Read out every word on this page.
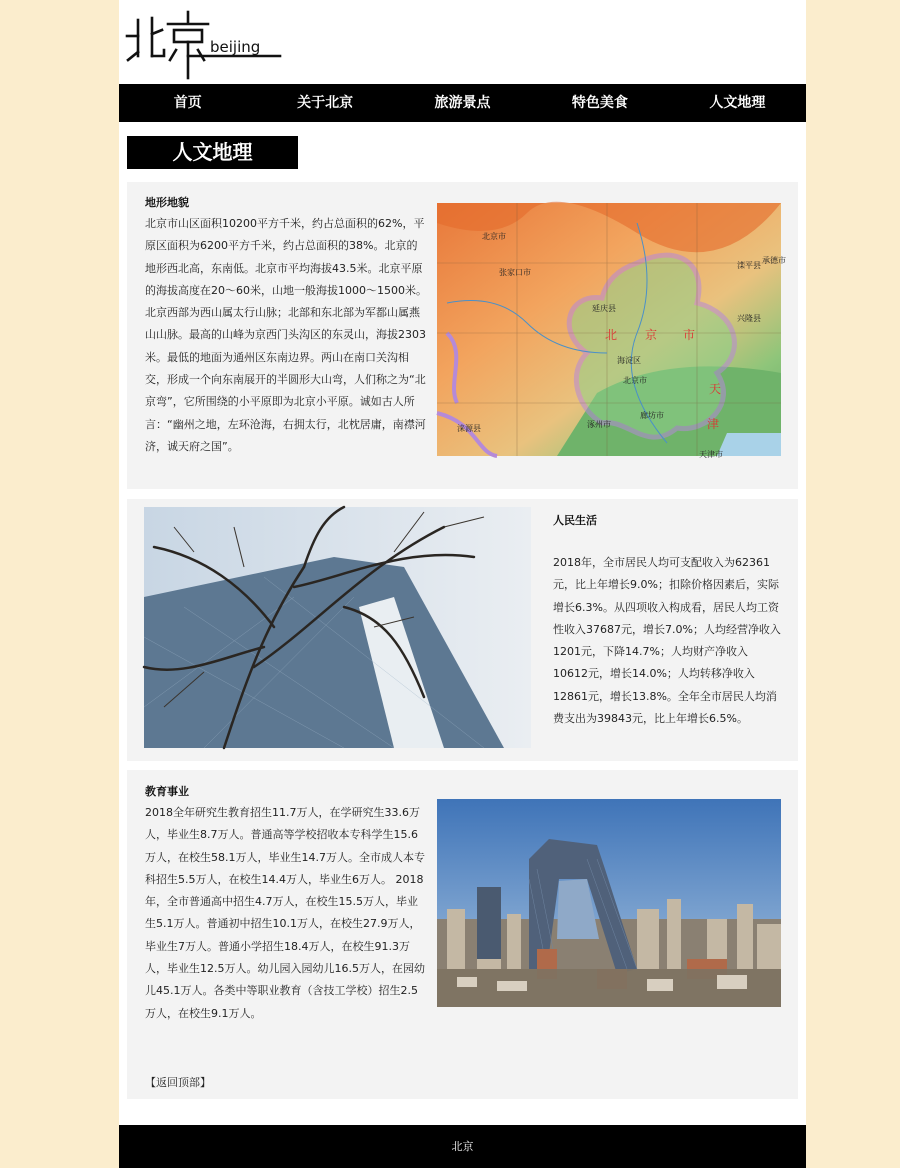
beijing
首页	关于北京	旅游景点	特色美食	人文地理
人文地理
地形地貌
北京市山区面积10200平方千米，约占总面积的62%，平原区面积为6200平方千米，约占总面积的38%。北京的地形西北高，东南低。北京市平均海拔43.5米。北京平原的海拔高度在20～60米，山地一般海拔1000～1500米。北京西部为西山属太行山脉；北部和东北部为军都山属燕山山脉。最高的山峰为京西门头沟区的东灵山，海拔2303米。最低的地面为通州区东南边界。两山在南口关沟相交，形成一个向东南展开的半圆形大山弯，人们称之为“北京弯”，它所围绕的小平原即为北京小平原。诚如古人所言：“幽州之地，左环沧海，右拥太行，北枕居庸，南襟河济，诚天府之国”。
张家口市
延庆县
海淀区
北京市
天津市
廊坊市
涿州市
涞源县
滦平县
兴隆县
承德市
北京市
北 京 市
天
津
人民生活
2018年，全市居民人均可支配收入为62361元，比上年增长9.0%；扣除价格因素后，实际增长6.3%。从四项收入构成看，居民人均工资性收入37687元，增长7.0%；人均经营净收入1201元，下降14.7%；人均财产净收入10612元，增长14.0%；人均转移净收入12861元，增长13.8%。全年全市居民人均消费支出为39843元，比上年增长6.5%。
教育事业
2018全年研究生教育招生11.7万人，在学研究生33.6万人，毕业生8.7万人。普通高等学校招收本专科学生15.6万人，在校生58.1万人，毕业生14.7万人。全市成人本专科招生5.5万人，在校生14.4万人，毕业生6万人。 2018年，全市普通高中招生4.7万人，在校生15.5万人，毕业生5.1万人。普通初中招生10.1万人，在校生27.9万人，毕业生7万人。普通小学招生18.4万人，在校生91.3万人，毕业生12.5万人。幼儿园入园幼儿16.5万人，在园幼儿45.1万人。各类中等职业教育（含技工学校）招生2.5万人，在校生9.1万人。
【返回顶部】
北京
